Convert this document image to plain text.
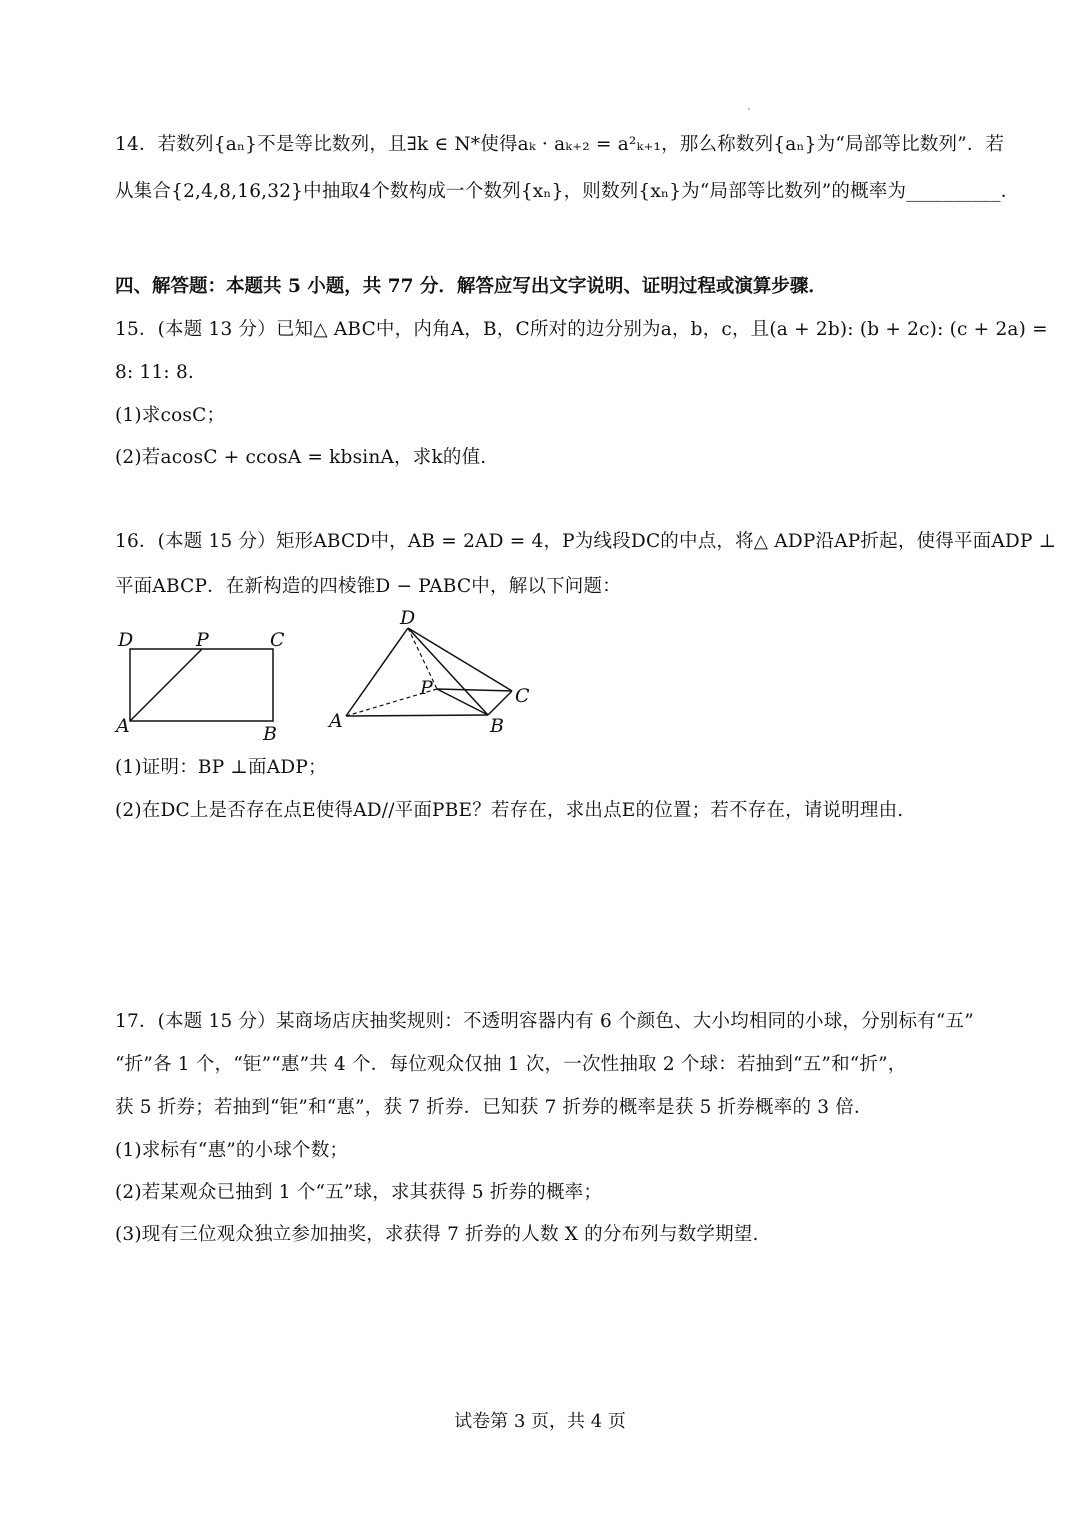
14．若数列{aₙ}不是等比数列，且∃k ∈ N*使得aₖ · aₖ₊₂ = a²ₖ₊₁，那么称数列{aₙ}为“局部等比数列”．若
从集合{2,4,8,16,32}中抽取4个数构成一个数列{xₙ}，则数列{xₙ}为“局部等比数列”的概率为__________．
四、解答题：本题共 5 小题，共 77 分．解答应写出文字说明、证明过程或演算步骤．
15．(本题 13 分）已知△ ABC中，内角A，B，C所对的边分别为a，b，c，且(a + 2b): (b + 2c): (c + 2a) =
8: 11: 8.
(1)求cosC；
(2)若acosC + ccosA = kbsinA，求k的值.
16．(本题 15 分）矩形ABCD中，AB = 2AD = 4，P为线段DC的中点，将△ ADP沿AP折起，使得平面ADP ⊥
平面ABCP．在新构造的四棱锥D − PABC中，解以下问题：
D	P	C
A	B
D
P	C
A	B
(1)证明：BP ⊥面ADP；
(2)在DC上是否存在点E使得AD//平面PBE？若存在，求出点E的位置；若不存在，请说明理由.
17．(本题 15 分）某商场店庆抽奖规则：不透明容器内有 6 个颜色、大小均相同的小球，分别标有“五”
“折”各 1 个，“钜”“惠”共 4 个．每位观众仅抽 1 次，一次性抽取 2 个球：若抽到“五”和“折”，
获 5 折券；若抽到“钜”和“惠”，获 7 折券．已知获 7 折券的概率是获 5 折券概率的 3 倍．
(1)求标有“惠”的小球个数；
(2)若某观众已抽到 1 个“五”球，求其获得 5 折券的概率；
(3)现有三位观众独立参加抽奖，求获得 7 折券的人数 X 的分布列与数学期望.
试卷第 3 页，共 4 页
